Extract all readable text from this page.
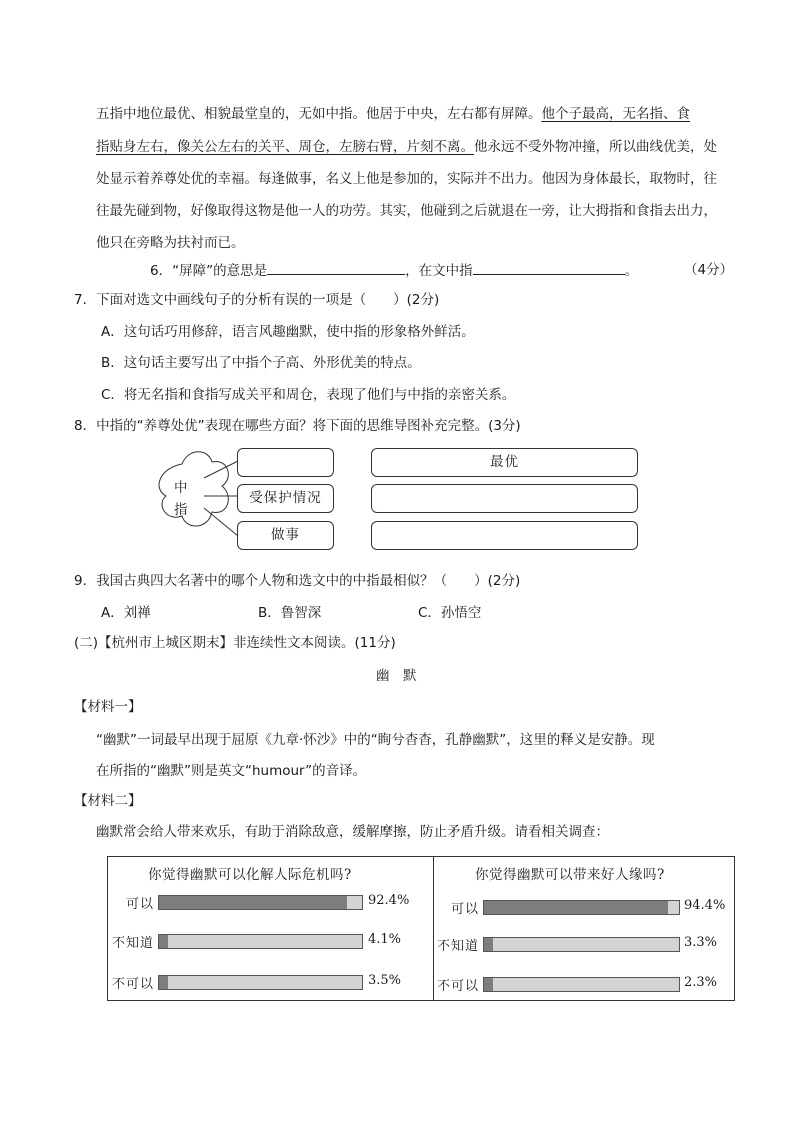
五指中地位最优、相貌最堂皇的，无如中指。他居于中央，左右都有屏障。他个子最高，无名指、食
指贴身左右，像关公左右的关平、周仓，左膀右臂，片刻不离。他永远不受外物冲撞，所以曲线优美，处
处显示着养尊处优的幸福。每逢做事，名义上他是参加的，实际并不出力。他因为身体最长，取物时，往
往最先碰到物，好像取得这物是他一人的功劳。其实，他碰到之后就退在一旁，让大拇指和食指去出力，
他只在旁略为扶衬而已。
6．“屏障”的意思是	，在文中指	。	（4分）
7．下面对选文中画线句子的分析有误的一项是（　　）(2分)
A．这句话巧用修辞，语言风趣幽默，使中指的形象格外鲜活。
B．这句话主要写出了中指个子高、外形优美的特点。
C．将无名指和食指写成关平和周仓，表现了他们与中指的亲密关系。
8．中指的“养尊处优”表现在哪些方面？将下面的思维导图补充完整。(3分)
中
指
最优
受保护情况
做事
9．我国古典四大名著中的哪个人物和选文中的中指最相似？（　　）(2分)
A．刘禅	B．鲁智深	C．孙悟空
(二)【杭州市上城区期末】非连续性文本阅读。(11分)
幽　默
【材料一】
“幽默”一词最早出现于屈原《九章·怀沙》中的“眴兮杳杳，孔静幽默”，这里的释义是安静。现
在所指的“幽默”则是英文“humour”的音译。
【材料二】
幽默常会给人带来欢乐，有助于消除敌意，缓解摩擦，防止矛盾升级。请看相关调查：
你觉得幽默可以化解人际危机吗?
可以	92.4%
不知道	4.1%
不可以	3.5%
你觉得幽默可以带来好人缘吗?
可以	94.4%
不知道	3.3%
不可以	2.3%
